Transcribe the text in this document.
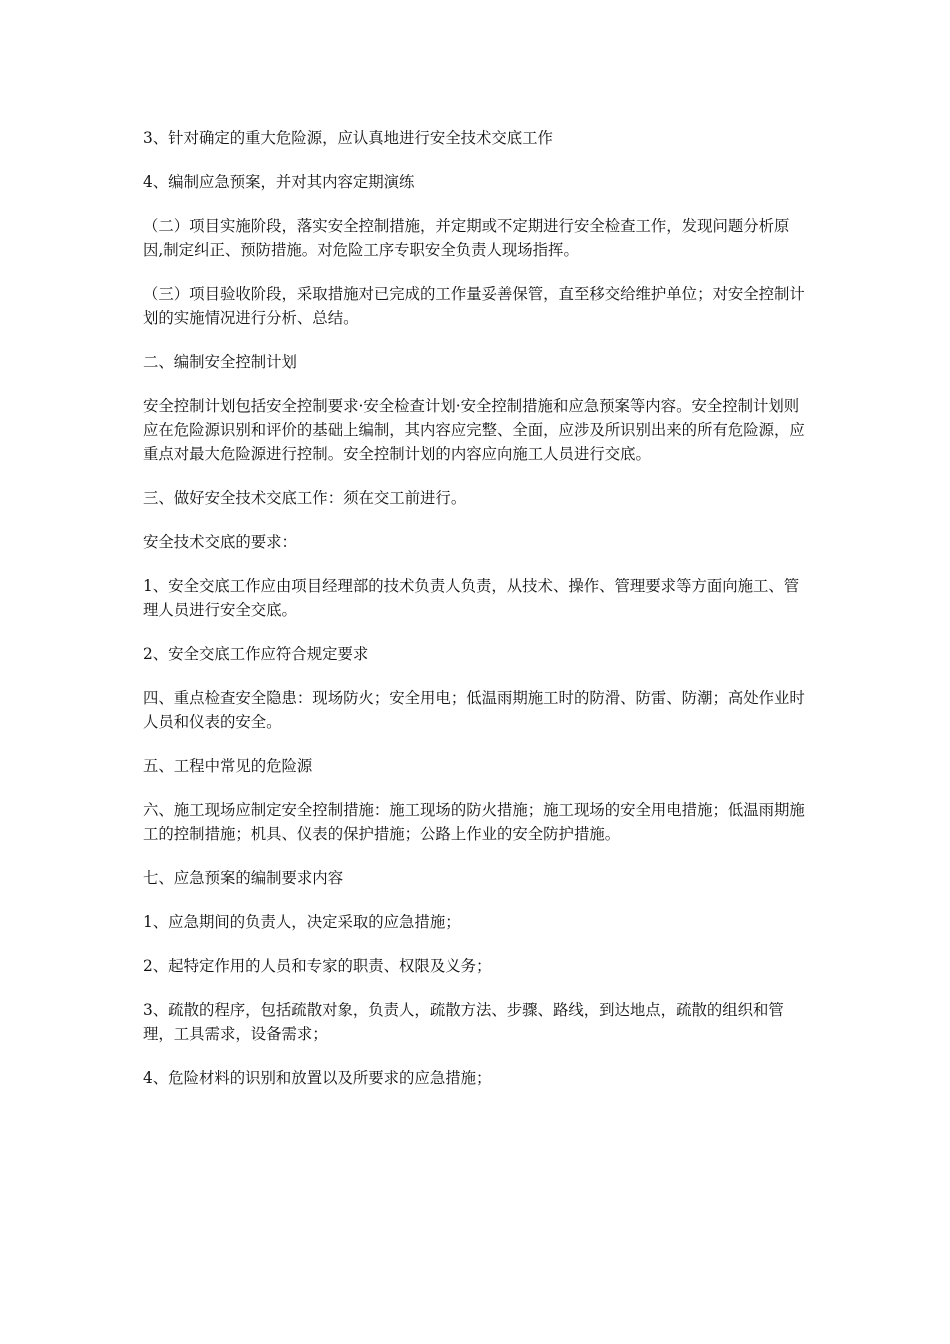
3、针对确定的重大危险源，应认真地进行安全技术交底工作

4、编制应急预案，并对其内容定期演练

（二）项目实施阶段，落实安全控制措施，并定期或不定期进行安全检查工作，发现问题分析原因,制定纠正、预防措施。对危险工序专职安全负责人现场指挥。

（三）项目验收阶段，采取措施对已完成的工作量妥善保管，直至移交给维护单位；对安全控制计划的实施情况进行分析、总结。

二、编制安全控制计划

安全控制计划包括安全控制要求·安全检查计划·安全控制措施和应急预案等内容。安全控制计划则应在危险源识别和评价的基础上编制，其内容应完整、全面，应涉及所识别出来的所有危险源，应重点对最大危险源进行控制。安全控制计划的内容应向施工人员进行交底。

三、做好安全技术交底工作：须在交工前进行。

安全技术交底的要求：

1、安全交底工作应由项目经理部的技术负责人负责，从技术、操作、管理要求等方面向施工、管理人员进行安全交底。

2、安全交底工作应符合规定要求

四、重点检查安全隐患：现场防火；安全用电；低温雨期施工时的防滑、防雷、防潮；高处作业时人员和仪表的安全。

五、工程中常见的危险源

六、施工现场应制定安全控制措施：施工现场的防火措施；施工现场的安全用电措施；低温雨期施工的控制措施；机具、仪表的保护措施；公路上作业的安全防护措施。

七、应急预案的编制要求内容

1、应急期间的负责人，决定采取的应急措施；

2、起特定作用的人员和专家的职责、权限及义务；

3、疏散的程序，包括疏散对象，负责人，疏散方法、步骤、路线，到达地点，疏散的组织和管理，工具需求，设备需求；

4、危险材料的识别和放置以及所要求的应急措施；
